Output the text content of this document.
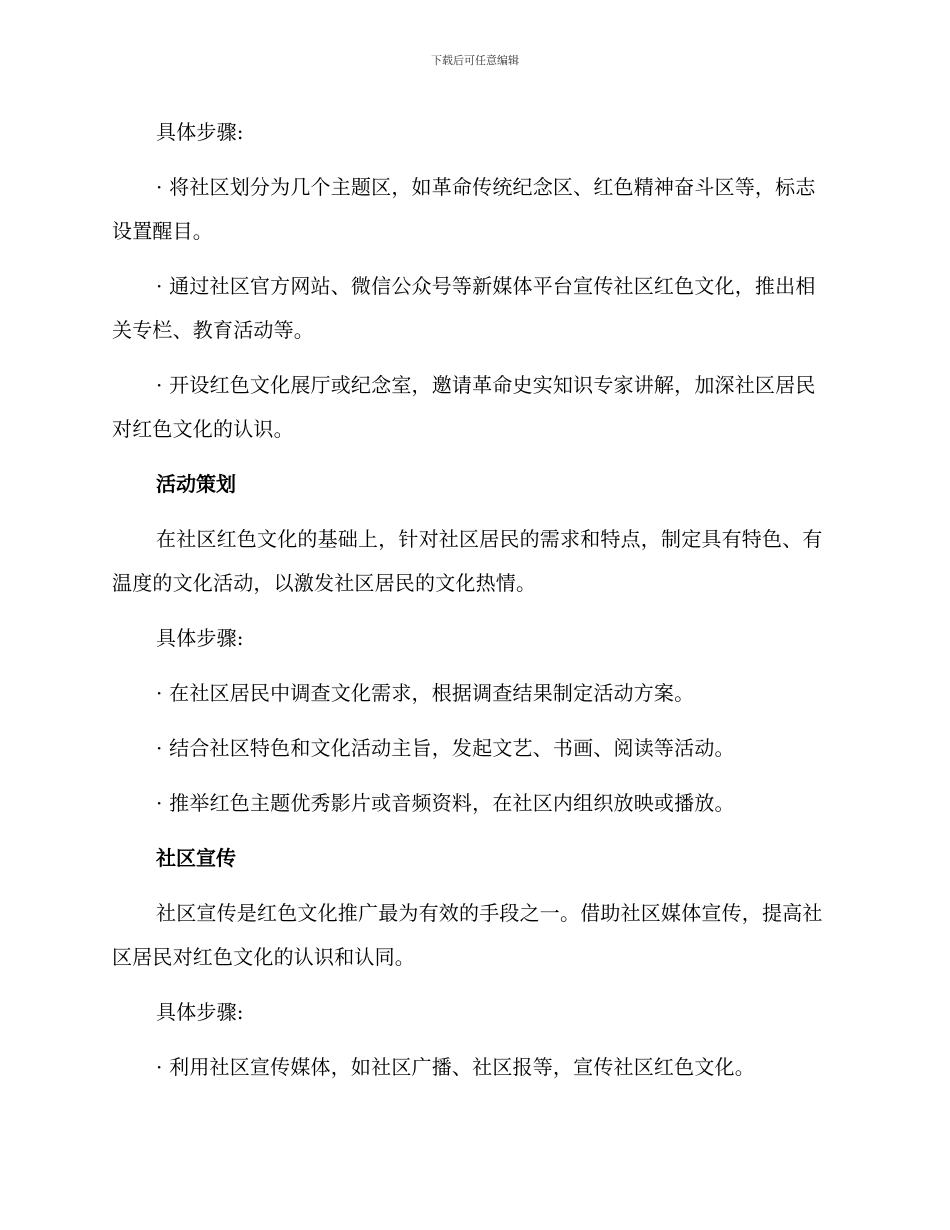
下载后可任意编辑

具体步骤:

· 将社区划分为几个主题区，如革命传统纪念区、红色精神奋斗区等，标志设置醒目。

· 通过社区官方网站、微信公众号等新媒体平台宣传社区红色文化，推出相关专栏、教育活动等。

· 开设红色文化展厅或纪念室，邀请革命史实知识专家讲解，加深社区居民对红色文化的认识。

活动策划

在社区红色文化的基础上，针对社区居民的需求和特点，制定具有特色、有温度的文化活动，以激发社区居民的文化热情。

具体步骤:

· 在社区居民中调查文化需求，根据调查结果制定活动方案。

· 结合社区特色和文化活动主旨，发起文艺、书画、阅读等活动。

· 推举红色主题优秀影片或音频资料，在社区内组织放映或播放。

社区宣传

社区宣传是红色文化推广最为有效的手段之一。借助社区媒体宣传，提高社区居民对红色文化的认识和认同。

具体步骤:

· 利用社区宣传媒体，如社区广播、社区报等，宣传社区红色文化。
